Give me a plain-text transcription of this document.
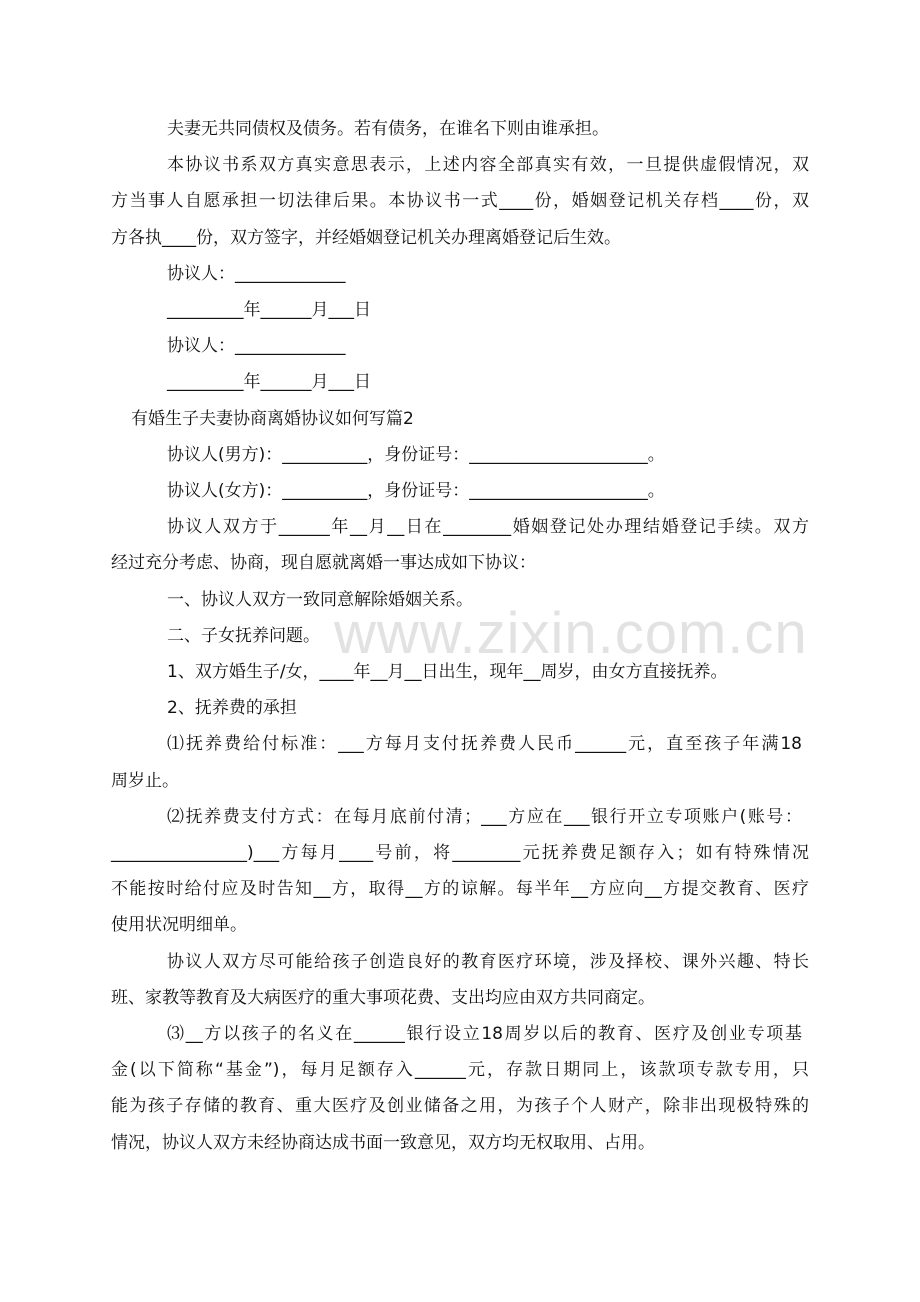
www.zixin.com.cn
夫妻无共同债权及债务。若有债务，在谁名下则由谁承担。
本协议书系双方真实意思表示，上述内容全部真实有效，一旦提供虚假情况，双
方当事人自愿承担一切法律后果。本协议书一式____份，婚姻登记机关存档____份，双
方各执____份，双方签字，并经婚姻登记机关办理离婚登记后生效。
协议人：_____________
_________年______月___日
协议人：_____________
_________年______月___日
有婚生子夫妻协商离婚协议如何写篇2
协议人(男方)：__________，身份证号：_____________________。
协议人(女方)：__________，身份证号：_____________________。
协议人双方于______年__月__日在________婚姻登记处办理结婚登记手续。双方
经过充分考虑、协商，现自愿就离婚一事达成如下协议：
一、协议人双方一致同意解除婚姻关系。
二、子女抚养问题。
1、双方婚生子/女，____年__月__日出生，现年__周岁，由女方直接抚养。
2、抚养费的承担
⑴抚养费给付标准：___方每月支付抚养费人民币______元，直至孩子年满18
周岁止。
⑵抚养费支付方式：在每月底前付清；___方应在___银行开立专项账户(账号：
________________)___方每月____号前，将________元抚养费足额存入；如有特殊情况
不能按时给付应及时告知__方，取得__方的谅解。每半年__方应向__方提交教育、医疗
使用状况明细单。
协议人双方尽可能给孩子创造良好的教育医疗环境，涉及择校、课外兴趣、特长
班、家教等教育及大病医疗的重大事项花费、支出均应由双方共同商定。
⑶__方以孩子的名义在______银行设立18周岁以后的教育、医疗及创业专项基
金(以下简称“基金”)，每月足额存入______元，存款日期同上，该款项专款专用，只
能为孩子存储的教育、重大医疗及创业储备之用，为孩子个人财产，除非出现极特殊的
情况，协议人双方未经协商达成书面一致意见，双方均无权取用、占用。
